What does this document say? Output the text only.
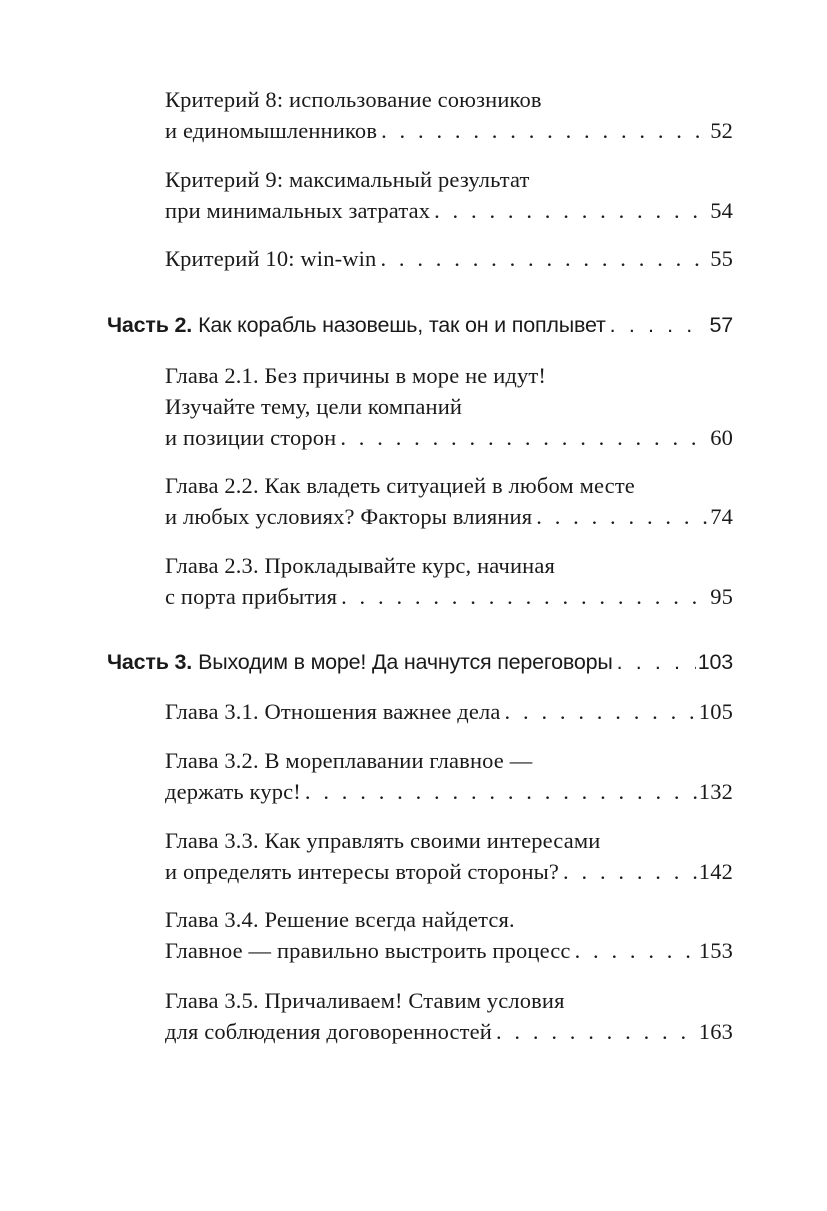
Критерий 8: использование союзников
и единомышленников . . .	52
Критерий 9: максимальный результат
при минимальных затратах . . .	54
Критерий 10: win-win . . .	55
Часть 2. Как корабль назовешь, так он и поплывет . . .	57
Глава 2.1. Без причины в море не идут!
Изучайте тему, цели компаний
и позиции сторон . . .	60
Глава 2.2. Как владеть ситуацией в любом месте
и любых условиях? Факторы влияния . . .	74
Глава 2.3. Прокладывайте курс, начиная
с порта прибытия . . .	95
Часть 3. Выходим в море! Да начнутся переговоры . . .	103
Глава 3.1. Отношения важнее дела . . .	105
Глава 3.2. В мореплавании главное —
держать курс! . . .	132
Глава 3.3. Как управлять своими интересами
и определять интересы второй стороны? . . .	142
Глава 3.4. Решение всегда найдется.
Главное — правильно выстроить процесс . . .	153
Глава 3.5. Причаливаем! Ставим условия
для соблюдения договоренностей . . .	163
